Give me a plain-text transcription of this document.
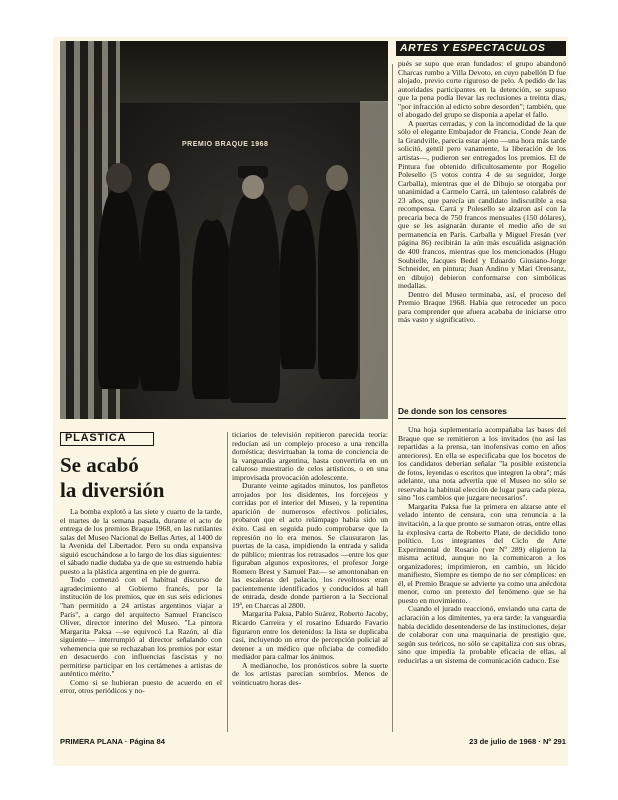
PREMIO BRAQUE 1968
ARTES Y ESPECTACULOS

pués se supo que eran fundados: el grupo abandonó Charcas rumbo a Villa Devoto, en cuyo pabellón D fue alojado, previo corte riguroso de pelo. A pedido de las autoridades participantes en la detención, se supuso que la pena podía llevar las reclusiones a treinta días, "por infracción al edicto sobre desorden"; también, que el abogado del grupo se disponía a apelar el fallo.

A puertas cerradas, y con la incomodidad de la que sólo el elegante Embajador de Francia, Conde Jean de la Grandville, parecía estar ajeno —una hora más tarde solicitó, gentil pero vanamente, la liberación de los artistas—, pudieron ser entregados los premios. El de Pintura fue obtenido dificultosamente por Rogelio Polesello (5 votos contra 4 de su seguidor, Jorge Carballa), mientras que el de Dibujo se otorgaba por unanimidad a Carmelo Carrá, un talentoso calabrés de 23 años, que parecía un candidato indiscutible a esa recompensa. Carrá y Polesello se alzaron así con la precaria beca de 750 francos mensuales (150 dólares), que se les asignarán durante el medio año de su permanencia en París. Carballa y Miguel Fresán (ver página 86) recibirán la aún más escuálida asignación de 400 francos, mientras que los mencionados (Hugo Soubielle, Jacques Bedel y Eduardo Giusiano-Jorge Schneider, en pintura; Juan Andino y Mari Orensanz, en dibujo) debieron conformarse con simbólicas medallas.

Dentro del Museo terminaba, así, el proceso del Premio Braque 1968. Había que retroceder un poco para comprender que afuera acababa de iniciarse otro más vasto y significativo.

De donde son los censores

Una hoja suplementaria acompañaba las bases del Braque que se remitieron a los invitados (no así las repartidas a la prensa, tan inofensivas como en años anteriores). En ella se especificaba que los bocetos de los candidatos deberían señalar "la posible existencia de fotos, leyendas o escritos que integren la obra"; más adelante, una nota advertía que el Museo no sólo se reservaba la habitual elección de lugar para cada pieza, sino "los cambios que juzgare necesarios".

Margarita Paksa fue la primera en alzarse ante el velado intento de censura, con una renuncia a la invitación, a la que pronto se sumaron otras, entre ellas la explosiva carta de Roberto Plate, de decidido tono político. Los integrantes del Ciclo de Arte Experimental de Rosario (ver Nº 289) eligieron la misma actitud, aunque no la comunicaron a los organizadores; imprimieron, en cambio, un lúcido manifiesto, Siempre es tiempo de no ser cómplices: en él, el Premio Braque se advierte ya como una anécdota menor, como un pretexto del fenómeno que se ha puesto en movimiento.

Cuando el jurado reaccionó, enviando una carta de aclaración a los dimitentes, ya era tarde: la vanguardia había decidido desentenderse de las instituciones, dejar de colaborar con una maquinaria de prestigio que, según sus teóricos, no sólo se capitaliza con sus obras, sino que impedía la probable eficacia de ellas, al reducirlas a un sistema de comunicación caduco. Ese

PLASTICA
Se acabó
la diversión

La bomba explotó a las siete y cuarto de la tarde, el martes de la semana pasada, durante el acto de entrega de los premios Braque 1968, en las rutilantes salas del Museo Nacional de Bellas Artes, al 1400 de la Avenida del Libertador. Pero su onda expansiva siguió escuchándose a lo largo de los días siguientes: el sábado nadie dudaba ya de que su estruendo había puesto a la plástica argentina en pie de guerra.

Todo comenzó con el habitual discurso de agradecimiento al Gobierno francés, por la institución de los premios, que en sus seis ediciones "han permitido a 24 artistas argentinos viajar a París", a cargo del arquitecto Samuel Francisco Oliver, director interino del Museo. "La pintora Margarita Paksa —se equivocó La Razón, al día siguiente— interrumpió al director señalando con vehemencia que se rechazaban los premios por estar en desacuerdo con influencias fascistas y no permitirse participar en los certámenes a artistas de auténtico mérito."

Como si se hubieran puesto de acuerdo en el error, otros periódicos y no-

ticiarios de televisión repitieron parecida teoría: reducían así un complejo proceso a una rencilla doméstica; desvirtuaban la toma de conciencia de la vanguardia argentina, hasta convertirla en un caluroso muestrario de celos artísticos, o en una improvisada provocación adolescente.

Durante veinte agitados minutos, los panfletos arrojados por los disidentes, los forcejeos y corridas por el interior del Museo, y la repentina aparición de numerosos efectivos policiales, probaron que el acto relámpago había sido un éxito. Casi en seguida pudo comprobarse que la represión no lo era menos. Se clausuraron las puertas de la casa, impidiendo la entrada y salida de público; mientras los retrasados —entre los que figuraban algunos expositores, el profesor Jorge Romero Brest y Samuel Paz— se amontonaban en las escaleras del palacio, los revoltosos eran pacientemente identificados y conducidos al hall de entrada, desde donde partieron a la Seccional 19ª, en Charcas al 2800.

Margarita Paksa, Pablo Suárez, Roberto Jacoby, Ricardo Carreira y el rosarino Eduardo Favario figuraron entre los detenidos: la lista se duplicaba casi, incluyendo un error de percepción policial al detener a un médico que oficiaba de comedido mediador para calmar los ánimos.

A medianoche, los pronósticos sobre la suerte de los artistas parecían sombríos. Menos de veinticuatro horas des-

PRIMERA PLANA · Página 84	23 de julio de 1968 · Nº 291
